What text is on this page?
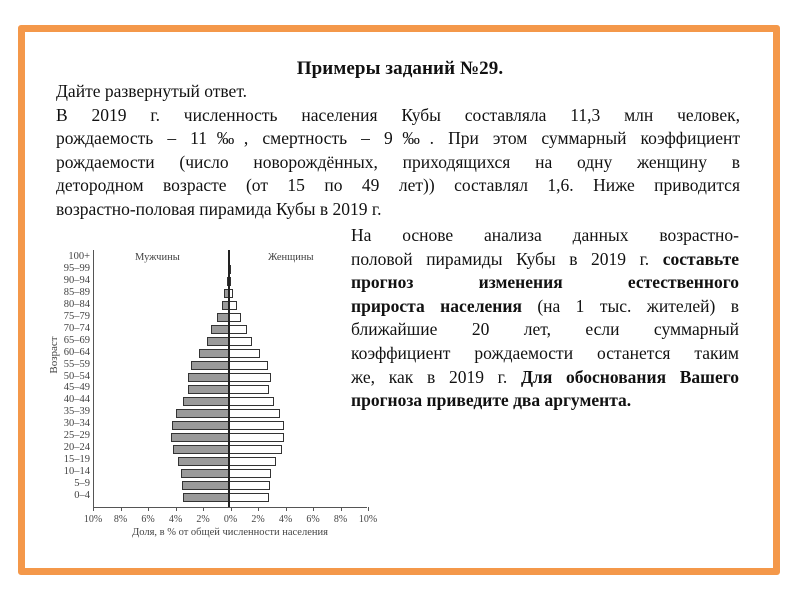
Примеры заданий №29.
Дайте развернутый ответ.
В 2019 г. численность населения Кубы составляла 11,3 млн человек,
рождаемость – 11‰, смертность – 9‰. При этом суммарный коэффициент
рождаемости (число новорождённых, приходящихся на одну женщину в
детородном возрасте (от 15 по 49 лет)) составлял 1,6. Ниже приводится
возрастно-половая пирамида Кубы в 2019 г.
Мужчины	Женщины
Возраст
100+
95–99
90–94
85–89
80–84
75–79
70–74
65–69
60–64
55–59
50–54
45–49
40–44
35–39
30–34
25–29
20–24
15–19
10–14
5–9
0–4
10%	8%	6%	4%	2%	0%	2%	4%	6%	8%	10%
Доля, в % от общей численности населения
На основе анализа данных возрастно-
половой пирамиды Кубы в 2019 г. составьте
прогноз изменения естественного
прироста населения (на 1 тыс. жителей) в
ближайшие 20 лет, если суммарный
коэффициент рождаемости останется таким
же, как в 2019 г. Для обоснования Вашего
прогноза приведите два аргумента.
